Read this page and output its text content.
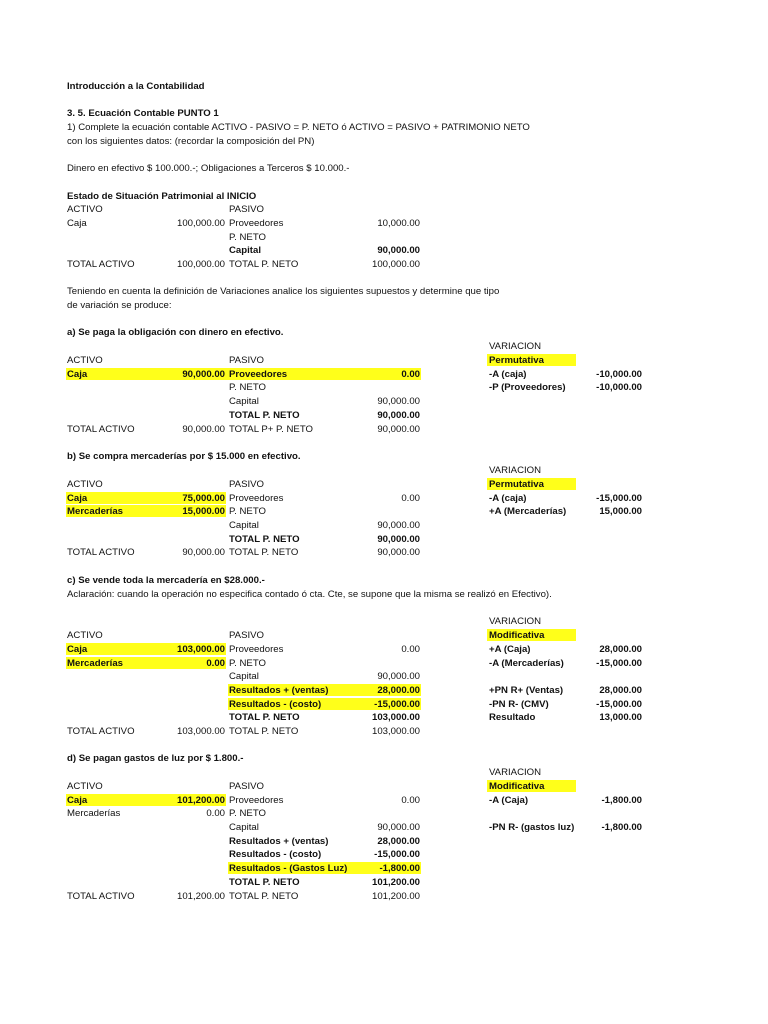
Introducción a la Contabilidad
3. 5. Ecuación Contable PUNTO 1
1) Complete la ecuación contable ACTIVO - PASIVO = P. NETO ó ACTIVO = PASIVO + PATRIMONIO NETO
con los siguientes datos: (recordar la composición del PN)
Dinero en efectivo $ 100.000.-; Obligaciones a Terceros $ 10.000.-
Estado de Situación Patrimonial al INICIO
ACTIVO	PASIVO
Caja	100,000.00 Proveedores	10,000.00
P. NETO
Capital	90,000.00
TOTAL ACTIVO	100,000.00 TOTAL P. NETO	100,000.00
Teniendo en cuenta la definición de Variaciones analice los siguientes supuestos y determine que tipo
de variación se produce:
a) Se paga la obligación con dinero en efectivo.
VARIACION
ACTIVO	PASIVO	Permutativa
Caja	90,000.00 Proveedores	0.00	-A (caja)	-10,000.00
P. NETO	-P (Proveedores)	-10,000.00
Capital	90,000.00
TOTAL P. NETO	90,000.00
TOTAL ACTIVO	90,000.00 TOTAL P+ P. NETO	90,000.00
b) Se compra mercaderías por $ 15.000 en efectivo.
VARIACION
ACTIVO	PASIVO	Permutativa
Caja	75,000.00 Proveedores	0.00	-A (caja)	-15,000.00
Mercaderías	15,000.00 P. NETO	+A (Mercaderías)	15,000.00
Capital	90,000.00
TOTAL P. NETO	90,000.00
TOTAL ACTIVO	90,000.00 TOTAL P. NETO	90,000.00
c) Se vende toda la mercadería en $28.000.-
Aclaración: cuando la operación no especifica contado ó cta. Cte, se supone que la misma se realizó en Efectivo).
VARIACION
ACTIVO	PASIVO	Modificativa
Caja	103,000.00 Proveedores	0.00	+A (Caja)	28,000.00
Mercaderías	0.00 P. NETO	-A (Mercaderías)	-15,000.00
Capital	90,000.00
Resultados + (ventas)	28,000.00	+PN R+ (Ventas)	28,000.00
Resultados - (costo)	-15,000.00	-PN R- (CMV)	-15,000.00
TOTAL P. NETO	103,000.00	Resultado	13,000.00
TOTAL ACTIVO	103,000.00 TOTAL P. NETO	103,000.00
d) Se pagan gastos de luz por $ 1.800.-
VARIACION
ACTIVO	PASIVO	Modificativa
Caja	101,200.00 Proveedores	0.00	-A (Caja)	-1,800.00
Mercaderías	0.00 P. NETO
Capital	90,000.00	-PN R- (gastos luz)	-1,800.00
Resultados + (ventas)	28,000.00
Resultados - (costo)	-15,000.00
Resultados - (Gastos Luz)	-1,800.00
TOTAL P. NETO	101,200.00
TOTAL ACTIVO	101,200.00 TOTAL P. NETO	101,200.00
